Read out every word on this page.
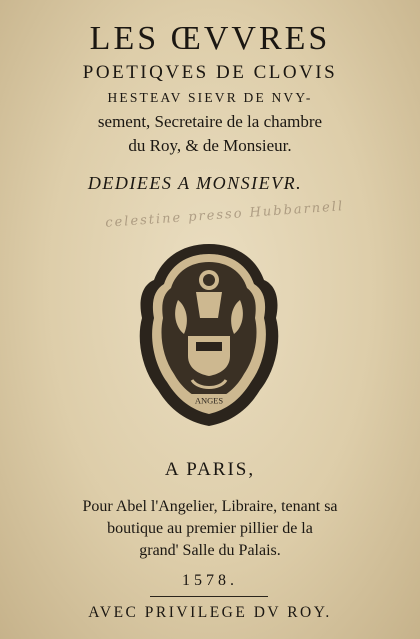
LES ŒVVRES
POETIQVES DE CLOVIS
HESTEAV SIEVR DE NVY-
sement, Secretaire de la chambre
du Roy, & de Monsieur.
DEDIEES A MONSIEVR.
celestine presso Hubbarnell
ANGES
A PARIS,
Pour Abel l'Angelier, Libraire, tenant sa
boutique au premier pillier de la
grand' Salle du Palais.
1578.
AVEC PRIVILEGE DV ROY.
